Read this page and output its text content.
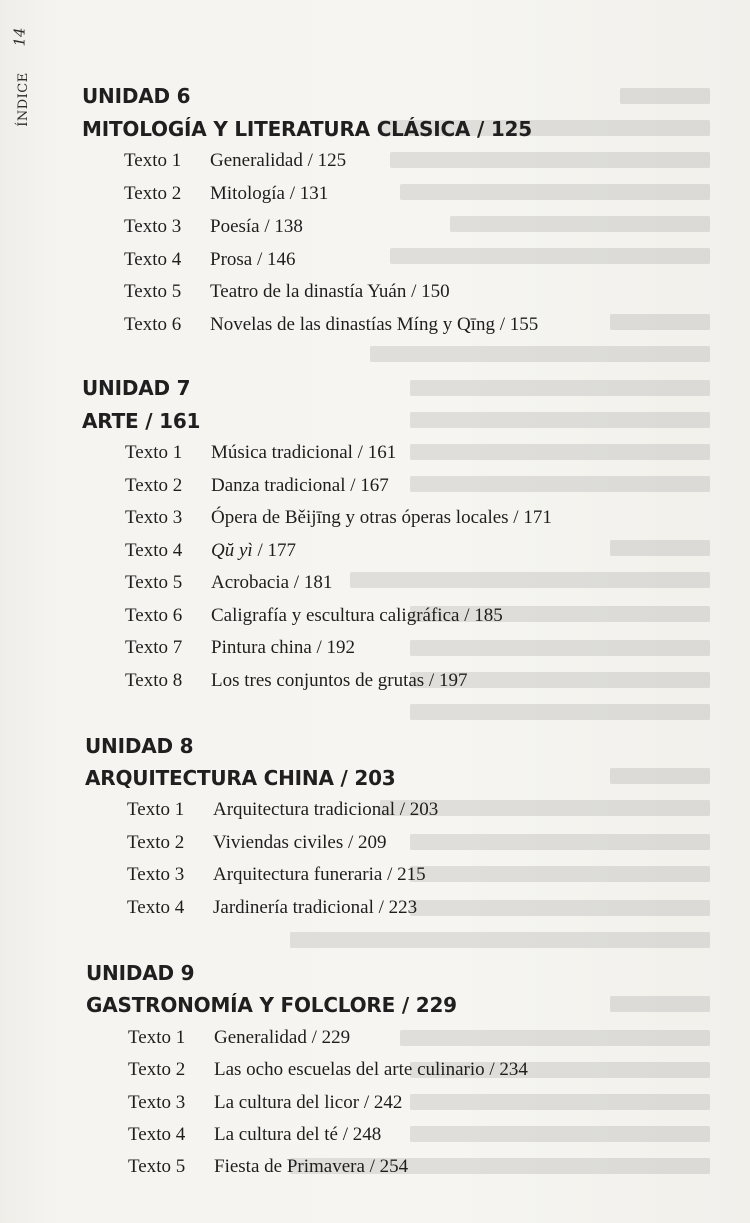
14
ÍNDICE	UNIDAD 6
MITOLOGÍA Y LITERATURA CLÁSICA / 125
Texto 1 Generalidad / 125
Texto 2 Mitología / 131
Texto 3 Poesía / 138
Texto 4 Prosa / 146
Texto 5 Teatro de la dinastía Yuán / 150
Texto 6 Novelas de las dinastías Míng y Qīng / 155
UNIDAD 7
ARTE / 161
Texto 1 Música tradicional / 161
Texto 2 Danza tradicional / 167
Texto 3 Ópera de Běijīng y otras óperas locales / 171
Texto 4 Qŭ yì / 177
Texto 5 Acrobacia / 181
Texto 6 Caligrafía y escultura caligráfica / 185
Texto 7 Pintura china / 192
Texto 8 Los tres conjuntos de grutas / 197
UNIDAD 8
ARQUITECTURA CHINA / 203
Texto 1 Arquitectura tradicional / 203
Texto 2 Viviendas civiles / 209
Texto 3 Arquitectura funeraria / 215
Texto 4 Jardinería tradicional / 223
UNIDAD 9
GASTRONOMÍA Y FOLCLORE / 229
Texto 1 Generalidad / 229
Texto 2 Las ocho escuelas del arte culinario / 234
Texto 3 La cultura del licor / 242
Texto 4 La cultura del té / 248
Texto 5 Fiesta de Primavera / 254
